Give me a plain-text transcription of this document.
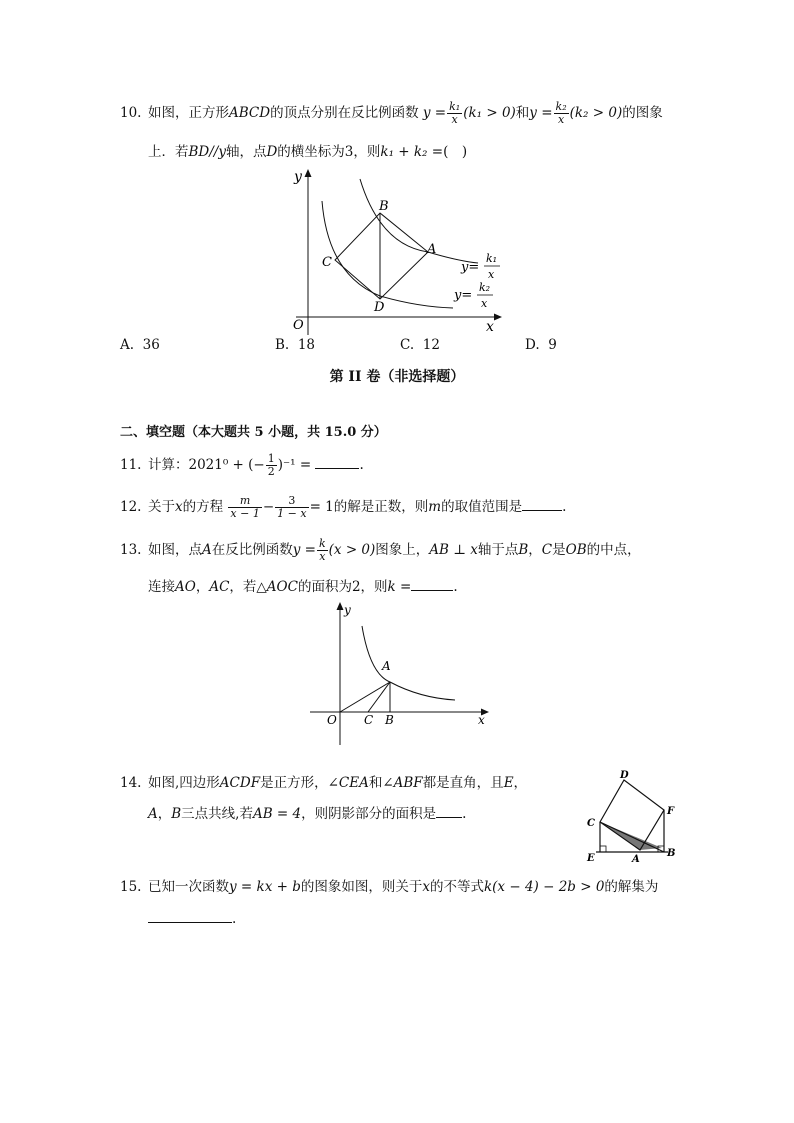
10. 如图，正方形ABCD的顶点分别在反比例函数 $y = \frac{\text{k₁}}{x} (k_1 > 0)$和$y = \frac{\text{k₂}}{x} (k_2 > 0)$的图象
上．若BD//y轴，点D的横坐标为3，则k₁ + k₂ =(　)
y
x
O
B
A
C
D
y=
k₁
x
y=
k₂
x
A. 36	B. 18	C. 12	D. 9
第 II 卷（非选择题）
二、填空题（本大题共 5 小题，共 15.0 分）
11. 计算：2021⁰ + (− $\frac{1}{2} )^{-1}$ =	.
12. 关于x的方程 $\frac{m}{x - 1} - \frac{3}{1 - x} = 1$的解是正数，则m的取值范围是	.
13. 如图，点A在反比例函数$y = \frac{k}{x} (x > 0)$图象上，AB ⊥ x轴于点B，C是OB的中点，
连接AO，AC，若△AOC的面积为2，则k =	.
y
x
O C B
A
14. 如图,四边形ACDF是正方形，∠CEA和∠ABF都是直角，且E，
A，B三点共线,若AB = 4，则阴影部分的面积是 .
D
C
F
E	A
B
15. 已知一次函数y = kx + b的图象如图，则关于x的不等式k(x − 4) − 2b > 0的解集为
.
